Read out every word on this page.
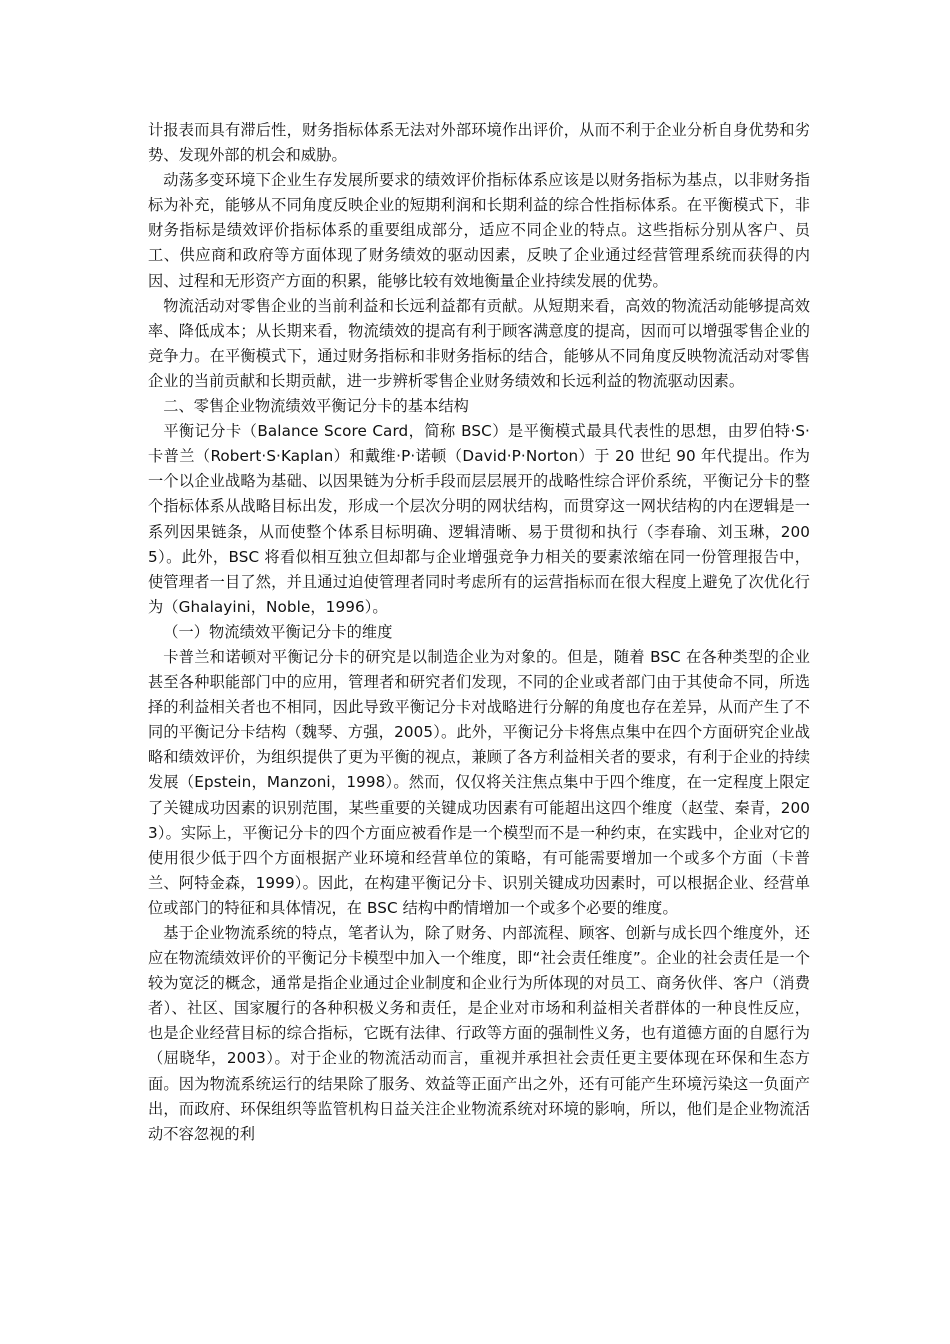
计报表而具有滞后性，财务指标体系无法对外部环境作出评价，从而不利于企业分析自身优势和劣势、发现外部的机会和威胁。

动荡多变环境下企业生存发展所要求的绩效评价指标体系应该是以财务指标为基点，以非财务指标为补充，能够从不同角度反映企业的短期利润和长期利益的综合性指标体系。在平衡模式下，非财务指标是绩效评价指标体系的重要组成部分，适应不同企业的特点。这些指标分别从客户、员工、供应商和政府等方面体现了财务绩效的驱动因素，反映了企业通过经营管理系统而获得的内因、过程和无形资产方面的积累，能够比较有效地衡量企业持续发展的优势。

物流活动对零售企业的当前利益和长远利益都有贡献。从短期来看，高效的物流活动能够提高效率、降低成本；从长期来看，物流绩效的提高有利于顾客满意度的提高，因而可以增强零售企业的竞争力。在平衡模式下，通过财务指标和非财务指标的结合，能够从不同角度反映物流活动对零售企业的当前贡献和长期贡献，进一步辨析零售企业财务绩效和长远利益的物流驱动因素。

二、零售企业物流绩效平衡记分卡的基本结构

平衡记分卡（Balance Score Card，简称 BSC）是平衡模式最具代表性的思想，由罗伯特·S·卡普兰（Robert·S·Kaplan）和戴维·P·诺顿（David·P·Norton）于 20 世纪 90 年代提出。作为一个以企业战略为基础、以因果链为分析手段而层层展开的战略性综合评价系统，平衡记分卡的整个指标体系从战略目标出发，形成一个层次分明的网状结构，而贯穿这一网状结构的内在逻辑是一系列因果链条，从而使整个体系目标明确、逻辑清晰、易于贯彻和执行（李春瑜、刘玉琳，2005）。此外，BSC 将看似相互独立但却都与企业增强竞争力相关的要素浓缩在同一份管理报告中，使管理者一目了然，并且通过迫使管理者同时考虑所有的运营指标而在很大程度上避免了次优化行为（Ghalayini，Noble，1996）。

（一）物流绩效平衡记分卡的维度

卡普兰和诺顿对平衡记分卡的研究是以制造企业为对象的。但是，随着 BSC 在各种类型的企业甚至各种职能部门中的应用，管理者和研究者们发现，不同的企业或者部门由于其使命不同，所选择的利益相关者也不相同，因此导致平衡记分卡对战略进行分解的角度也存在差异，从而产生了不同的平衡记分卡结构（魏琴、方强，2005）。此外，平衡记分卡将焦点集中在四个方面研究企业战略和绩效评价，为组织提供了更为平衡的视点，兼顾了各方利益相关者的要求，有利于企业的持续发展（Epstein，Manzoni，1998）。然而，仅仅将关注焦点集中于四个维度，在一定程度上限定了关键成功因素的识别范围，某些重要的关键成功因素有可能超出这四个维度（赵莹、秦青，2003）。实际上，平衡记分卡的四个方面应被看作是一个模型而不是一种约束，在实践中，企业对它的使用很少低于四个方面根据产业环境和经营单位的策略，有可能需要增加一个或多个方面（卡普兰、阿特金森，1999）。因此，在构建平衡记分卡、识别关键成功因素时，可以根据企业、经营单位或部门的特征和具体情况，在 BSC 结构中酌情增加一个或多个必要的维度。

基于企业物流系统的特点，笔者认为，除了财务、内部流程、顾客、创新与成长四个维度外，还应在物流绩效评价的平衡记分卡模型中加入一个维度，即“社会责任维度”。企业的社会责任是一个较为宽泛的概念，通常是指企业通过企业制度和企业行为所体现的对员工、商务伙伴、客户（消费者）、社区、国家履行的各种积极义务和责任，是企业对市场和利益相关者群体的一种良性反应，也是企业经营目标的综合指标，它既有法律、行政等方面的强制性义务，也有道德方面的自愿行为（屈晓华，2003）。对于企业的物流活动而言，重视并承担社会责任更主要体现在环保和生态方面。因为物流系统运行的结果除了服务、效益等正面产出之外，还有可能产生环境污染这一负面产出，而政府、环保组织等监管机构日益关注企业物流系统对环境的影响，所以，他们是企业物流活动不容忽视的利
